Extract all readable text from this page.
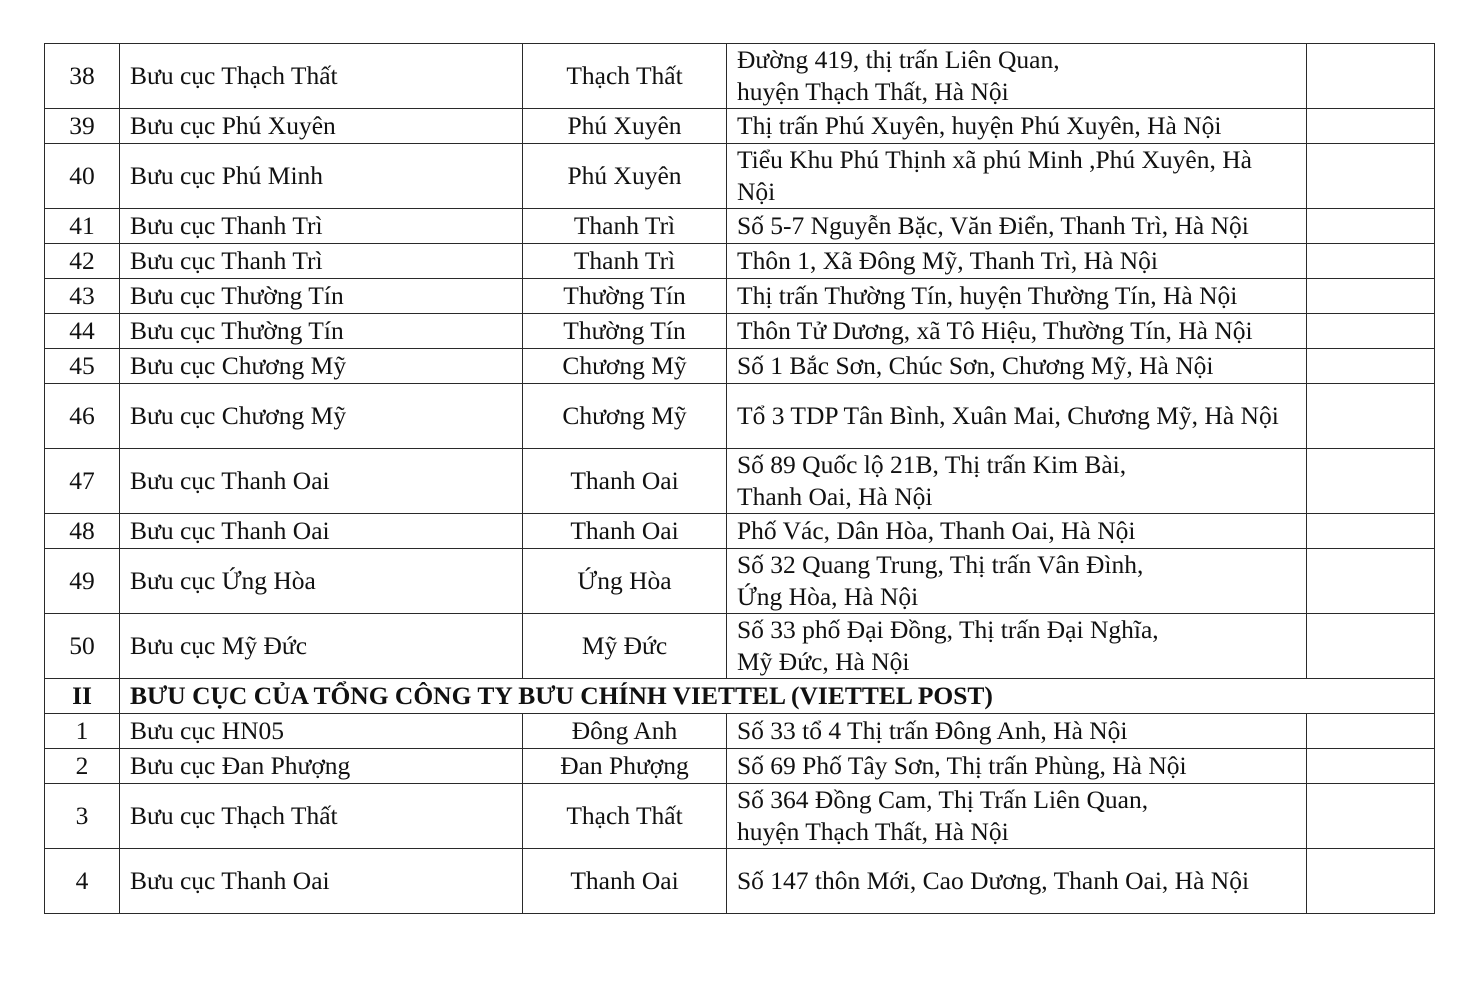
38	Bưu cục Thạch Thất	Thạch Thất	Đường 419, thị trấn Liên Quan,
huyện Thạch Thất, Hà Nội	
39	Bưu cục Phú Xuyên	Phú Xuyên	Thị trấn Phú Xuyên, huyện Phú Xuyên, Hà Nội	
40	Bưu cục Phú Minh	Phú Xuyên	Tiểu Khu Phú Thịnh xã phú Minh ,Phú Xuyên, Hà Nội	
41	Bưu cục Thanh Trì	Thanh Trì	Số 5-7 Nguyễn Bặc, Văn Điển, Thanh Trì, Hà Nội	
42	Bưu cục Thanh Trì	Thanh Trì	Thôn 1, Xã Đông Mỹ, Thanh Trì, Hà Nội	
43	Bưu cục Thường Tín	Thường Tín	Thị trấn Thường Tín, huyện Thường Tín, Hà Nội	
44	Bưu cục Thường Tín	Thường Tín	Thôn Tử Dương, xã Tô Hiệu, Thường Tín, Hà Nội	
45	Bưu cục Chương Mỹ	Chương Mỹ	Số 1 Bắc Sơn, Chúc Sơn, Chương Mỹ, Hà Nội	
46	Bưu cục Chương Mỹ	Chương Mỹ	Tổ 3 TDP Tân Bình, Xuân Mai, Chương Mỹ, Hà Nội	
47	Bưu cục Thanh Oai	Thanh Oai	Số 89 Quốc lộ 21B, Thị trấn Kim Bài,
Thanh Oai, Hà Nội	
48	Bưu cục Thanh Oai	Thanh Oai	Phố Vác, Dân Hòa, Thanh Oai, Hà Nội	
49	Bưu cục Ứng Hòa	Ứng Hòa	Số 32 Quang Trung, Thị trấn Vân Đình,
Ứng Hòa, Hà Nội	
50	Bưu cục Mỹ Đức	Mỹ Đức	Số 33 phố Đại Đồng, Thị trấn Đại Nghĩa,
Mỹ Đức, Hà Nội	
II	BƯU CỤC CỦA TỔNG CÔNG TY BƯU CHÍNH VIETTEL (VIETTEL POST)			
1	Bưu cục HN05	Đông Anh	Số 33 tổ 4 Thị trấn Đông Anh, Hà Nội	
2	Bưu cục Đan Phượng	Đan Phượng	Số 69 Phố Tây Sơn, Thị trấn Phùng, Hà Nội	
3	Bưu cục Thạch Thất	Thạch Thất	Số 364 Đồng Cam, Thị Trấn Liên Quan,
huyện Thạch Thất, Hà Nội	
4	Bưu cục Thanh Oai	Thanh Oai	Số 147 thôn Mới, Cao Dương, Thanh Oai, Hà Nội	
